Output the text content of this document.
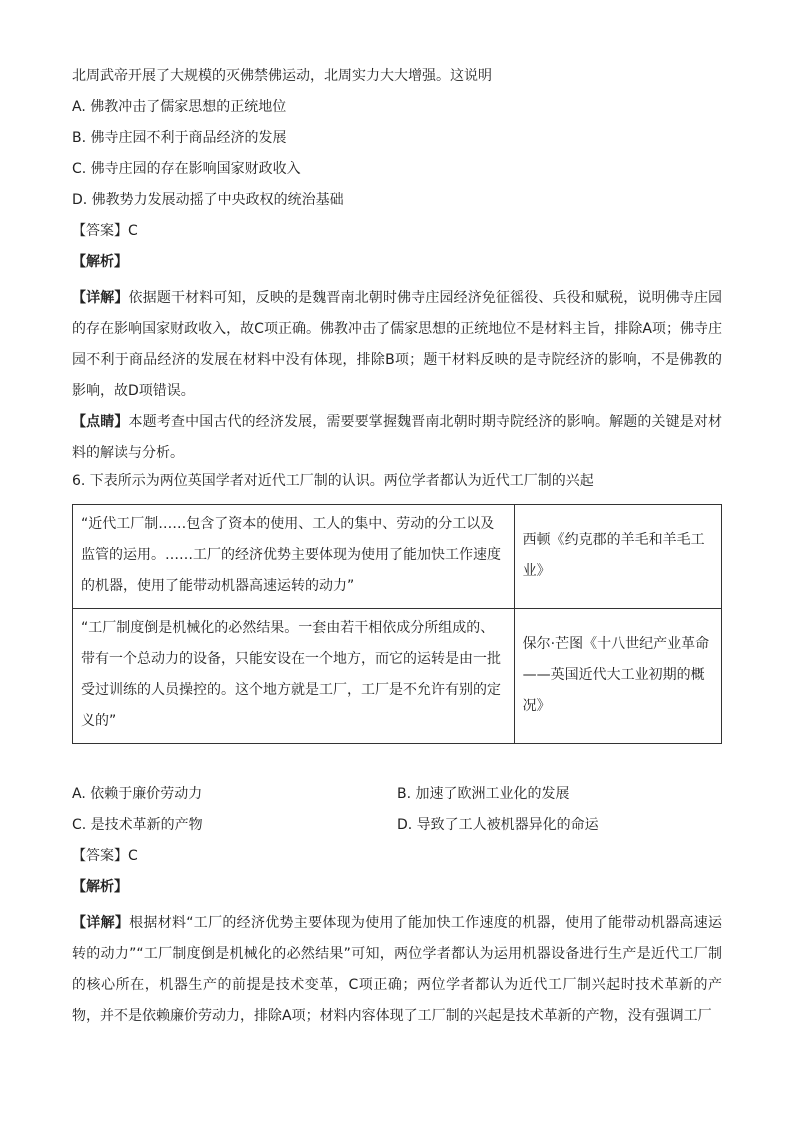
北周武帝开展了大规模的灭佛禁佛运动，北周实力大大增强。这说明
A. 佛教冲击了儒家思想的正统地位
B. 佛寺庄园不利于商品经济的发展
C. 佛寺庄园的存在影响国家财政收入
D. 佛教势力发展动摇了中央政权的统治基础
【答案】C
【解析】

【详解】依据题干材料可知，反映的是魏晋南北朝时佛寺庄园经济免征徭役、兵役和赋税，说明佛寺庄园的存在影响国家财政收入，故C项正确。佛教冲击了儒家思想的正统地位不是材料主旨，排除A项；佛寺庄园不利于商品经济的发展在材料中没有体现，排除B项；题干材料反映的是寺院经济的影响，不是佛教的影响，故D项错误。

【点睛】本题考查中国古代的经济发展，需要要掌握魏晋南北朝时期寺院经济的影响。解题的关键是对材料的解读与分析。

6. 下表所示为两位英国学者对近代工厂制的认识。两位学者都认为近代工厂制的兴起
“近代工厂制……包含了资本的使用、工人的集中、劳动的分工以及监管的运用。……工厂的经济优势主要体现为使用了能加快工作速度的机器，使用了能带动机器高速运转的动力”	西顿《约克郡的羊毛和羊毛工业》
“工厂制度倒是机械化的必然结果。一套由若干相依成分所组成的、带有一个总动力的设备，只能安设在一个地方，而它的运转是由一批受过训练的人员操控的。这个地方就是工厂，工厂是不允许有别的定义的”	保尔·芒图《十八世纪产业革命——英国近代大工业初期的概况》
A. 依赖于廉价劳动力	B. 加速了欧洲工业化的发展
C. 是技术革新的产物	D. 导致了工人被机器异化的命运
【答案】C
【解析】

【详解】根据材料“工厂的经济优势主要体现为使用了能加快工作速度的机器，使用了能带动机器高速运转的动力”“工厂制度倒是机械化的必然结果”可知，两位学者都认为运用机器设备进行生产是近代工厂制的核心所在，机器生产的前提是技术变革，C项正确；两位学者都认为近代工厂制兴起时技术革新的产物，并不是依赖廉价劳动力，排除A项；材料内容体现了工厂制的兴起是技术革新的产物，没有强调工厂
